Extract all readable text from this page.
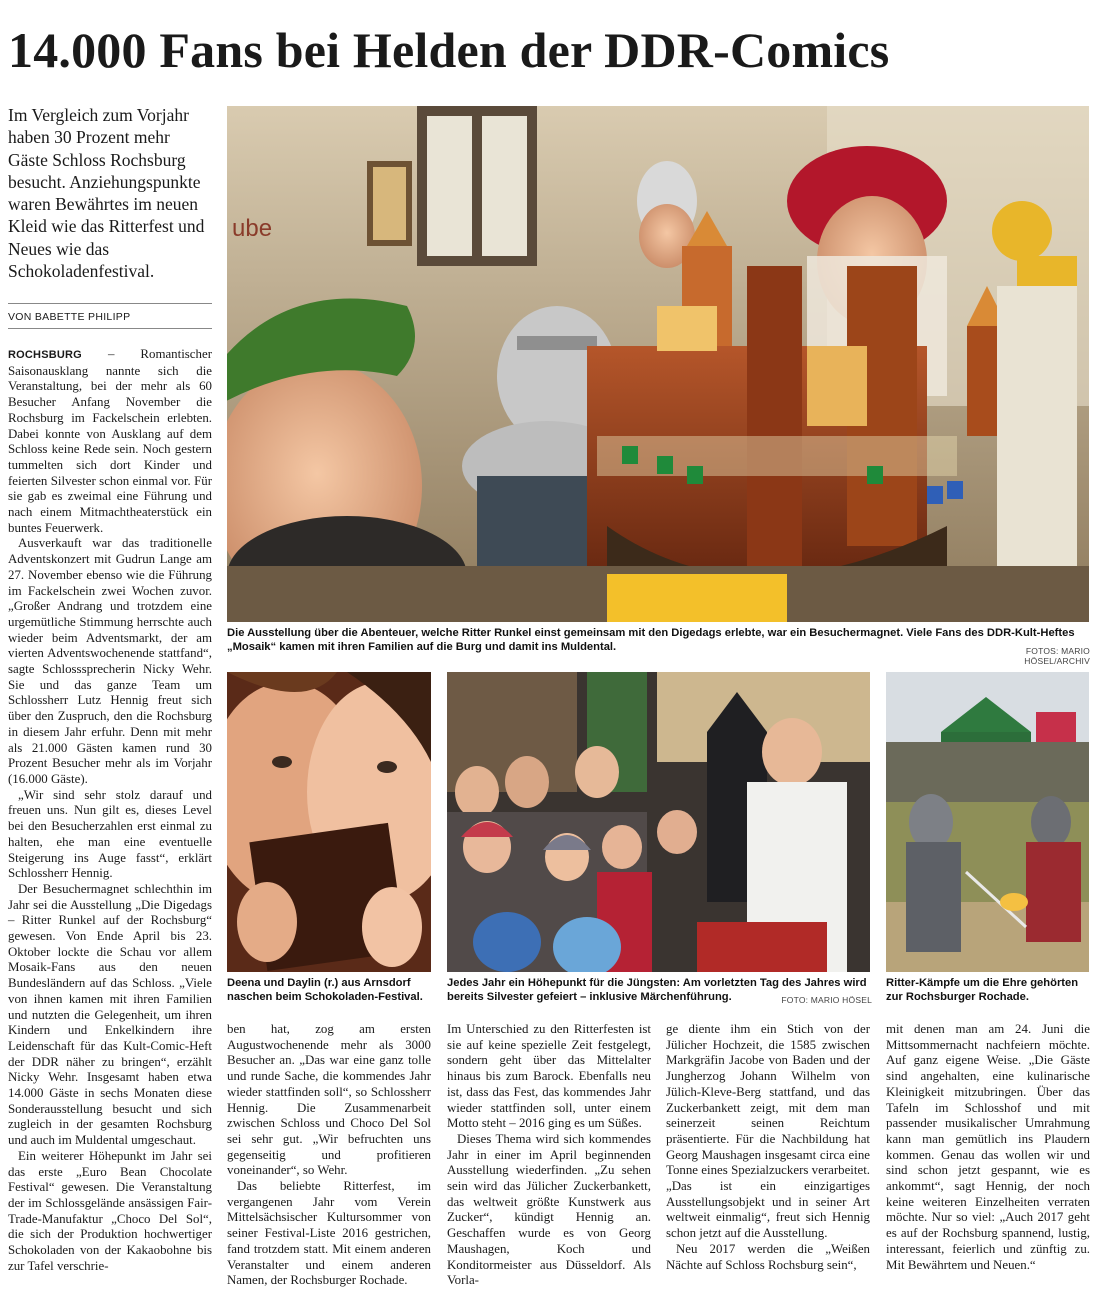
14.000 Fans bei Helden der DDR-Comics
Im Vergleich zum Vorjahr haben 30 Prozent mehr Gäste Schloss Rochsburg besucht. Anziehungspunkte waren Bewährtes im neuen Kleid wie das Ritterfest und Neues wie das Schokoladenfestival.
VON BABETTE PHILIPP

ROCHSBURG – Romantischer Saisonausklang nannte sich die Veranstaltung, bei der mehr als 60 Besucher Anfang November die Rochsburg im Fackelschein erlebten. Dabei konnte von Ausklang auf dem Schloss keine Rede sein. Noch gestern tummelten sich dort Kinder und feierten Silvester schon einmal vor. Für sie gab es zweimal eine Führung und nach einem Mitmachtheaterstück ein buntes Feuerwerk.

Ausverkauft war das traditionelle Adventskonzert mit Gudrun Lange am 27. November ebenso wie die Führung im Fackelschein zwei Wochen zuvor. „Großer Andrang und trotzdem eine urgemütliche Stimmung herrschte auch wieder beim Adventsmarkt, der am vierten Adventswochenende stattfand“, sagte Schlosssprecherin Nicky Wehr. Sie und das ganze Team um Schlossherr Lutz Hennig freut sich über den Zuspruch, den die Rochsburg in diesem Jahr erfuhr. Denn mit mehr als 21.000 Gästen kamen rund 30 Prozent Besucher mehr als im Vorjahr (16.000 Gäste).

„Wir sind sehr stolz darauf und freuen uns. Nun gilt es, dieses Level bei den Besucherzahlen erst einmal zu halten, ehe man eine eventuelle Steigerung ins Auge fasst“, erklärt Schlossherr Hennig.

Der Besuchermagnet schlechthin im Jahr sei die Ausstellung „Die Digedags – Ritter Runkel auf der Rochsburg“ gewesen. Von Ende April bis 23. Oktober lockte die Schau vor allem Mosaik-Fans aus den neuen Bundesländern auf das Schloss. „Viele von ihnen kamen mit ihren Familien und nutzten die Gelegenheit, um ihren Kindern und Enkelkindern ihre Leidenschaft für das Kult-Comic-Heft der DDR näher zu bringen“, erzählt Nicky Wehr. Insgesamt haben etwa 14.000 Gäste in sechs Monaten diese Sonderausstellung besucht und sich zugleich in der gesamten Rochsburg und auch im Muldental umgeschaut.

Ein weiterer Höhepunkt im Jahr sei das erste „Euro Bean Chocolate Festival“ gewesen. Die Veranstaltung der im Schlossgelände ansässigen Fair-Trade-Manufaktur „Choco Del Sol“, die sich der Produktion hochwertiger Schokoladen von der Kakaobohne bis zur Tafel verschrie-

ube
Die Ausstellung über die Abenteuer, welche Ritter Runkel einst gemeinsam mit den Digedags erlebte, war ein Besuchermagnet. Viele Fans des DDR-Kult-Heftes „Mosaik“ kamen mit ihren Familien auf die Burg und damit ins Muldental.	FOTOS: MARIO HÖSEL/ARCHIV
Deena und Daylin (r.) aus Arnsdorf naschen beim Schokoladen-Festival.
Jedes Jahr ein Höhepunkt für die Jüngsten: Am vorletzten Tag des Jahres wird bereits Silvester gefeiert – inklusive Märchenführung.	FOTO: MARIO HÖSEL
Ritter-Kämpfe um die Ehre gehörten zur Rochsburger Rochade.

ben hat, zog am ersten Augustwochenende mehr als 3000 Besucher an. „Das war eine ganz tolle und runde Sache, die kommendes Jahr wieder stattfinden soll“, so Schlossherr Hennig. Die Zusammenarbeit zwischen Schloss und Choco Del Sol sei sehr gut. „Wir befruchten uns gegenseitig und profitieren voneinander“, so Wehr.

Das beliebte Ritterfest, im vergangenen Jahr vom Verein Mittelsächsischer Kultursommer von seiner Festival-Liste 2016 gestrichen, fand trotzdem statt. Mit einem anderen Veranstalter und einem anderen Namen, der Rochsburger Rochade.

Im Unterschied zu den Ritterfesten ist sie auf keine spezielle Zeit festgelegt, sondern geht über das Mittelalter hinaus bis zum Barock. Ebenfalls neu ist, dass das Fest, das kommendes Jahr wieder stattfinden soll, unter einem Motto steht – 2016 ging es um Süßes.

Dieses Thema wird sich kommendes Jahr in einer im April beginnenden Ausstellung wiederfinden. „Zu sehen sein wird das Jülicher Zuckerbankett, das weltweit größte Kunstwerk aus Zucker“, kündigt Hennig an. Geschaffen wurde es von Georg Maushagen, Koch und Konditormeister aus Düsseldorf. Als Vorla-

ge diente ihm ein Stich von der Jülicher Hochzeit, die 1585 zwischen Markgräfin Jacobe von Baden und der Jungherzog Johann Wilhelm von Jülich-Kleve-Berg stattfand, und das Zuckerbankett zeigt, mit dem man seinerzeit seinen Reichtum präsentierte. Für die Nachbildung hat Georg Maushagen insgesamt circa eine Tonne eines Spezialzuckers verarbeitet. „Das ist ein einzigartiges Ausstellungsobjekt und in seiner Art weltweit einmalig“, freut sich Hennig schon jetzt auf die Ausstellung.

Neu 2017 werden die „Weißen Nächte auf Schloss Rochsburg sein“,

mit denen man am 24. Juni die Mittsommernacht nachfeiern möchte. Auf ganz eigene Weise. „Die Gäste sind angehalten, eine kulinarische Kleinigkeit mitzubringen. Über das Tafeln im Schlosshof und mit passender musikalischer Umrahmung kann man gemütlich ins Plaudern kommen. Genau das wollen wir und sind schon jetzt gespannt, wie es ankommt“, sagt Hennig, der noch keine weiteren Einzelheiten verraten möchte. Nur so viel: „Auch 2017 geht es auf der Rochsburg spannend, lustig, interessant, feierlich und zünftig zu. Mit Bewährtem und Neuen.“
